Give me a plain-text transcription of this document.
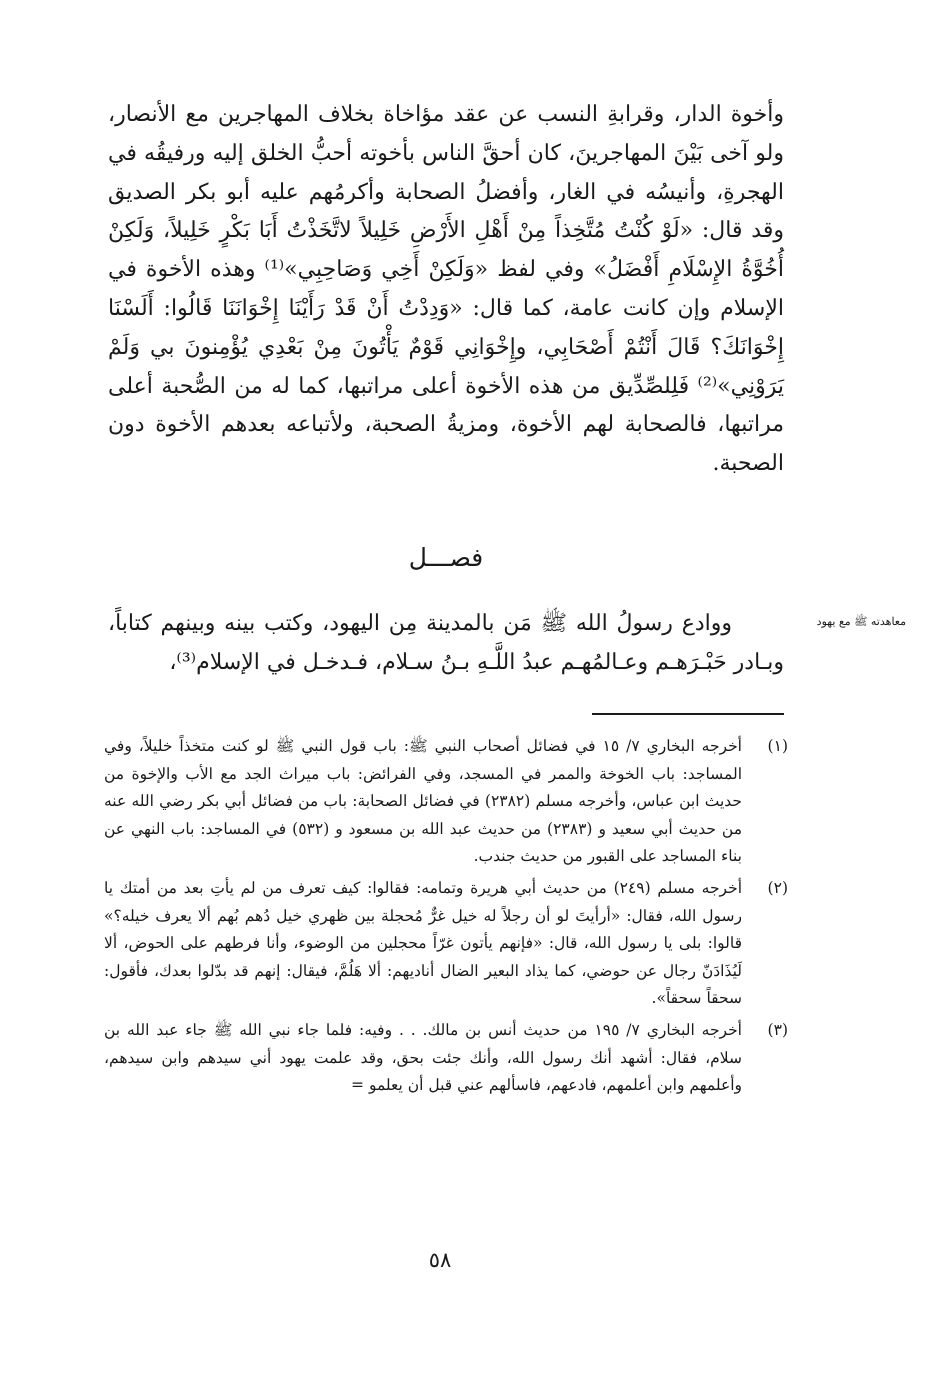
وأخوة الدار، وقرابةِ النسب عن عقد مؤاخاة بخلاف المهاجرين مع الأنصار، ولو آخى بَيْنَ المهاجرينَ، كان أحقَّ الناس بأخوته أحبُّ الخلق إليه ورفيقُه في الهجرةِ، وأنيسُه في الغار، وأفضلُ الصحابة وأكرمُهم عليه أبو بكر الصديق وقد قال: «لَوْ كُنْتُ مُتَّخِذاً مِنْ أَهْلِ الأَرْضِ خَلِيلاً لاتَّخَذْتُ أَبَا بَكْرٍ خَلِيلاً، وَلَكِنْ أُخُوَّةُ الإِسْلَامِ أَفْضَلُ» وفي لفظ «وَلَكِنْ أَخِي وَصَاحِبِي»⁽¹⁾ وهذه الأخوة في الإسلام وإن كانت عامة، كما قال: «وَدِدْتُ أَنْ قَدْ رَأَيْنَا إِخْوَانَنَا قَالُوا: أَلَسْنَا إِخْوَانَكَ؟ قَالَ أَنْتُمْ أَصْحَابِي، وإِخْوَانِي قَوْمٌ يَأْتُونَ مِنْ بَعْدِي يُؤْمِنونَ بي وَلَمْ يَرَوْنِي»⁽²⁾ فَلِلصِّدِّيق من هذه الأخوة أعلى مراتبها، كما له من الصُّحبة أعلى مراتبها، فالصحابة لهم الأخوة، ومزيةُ الصحبة، ولأتباعه بعدهم الأخوة دون الصحبة.

فصـــل
معاهدته ﷺ مع يهود

ووادع رسولُ الله ﷺ مَن بالمدينة مِن اليهود، وكتب بينه وبينهم كتاباً، وبـادر حَبْـرَهـم وعـالمُهـم عبدُ اللَّـهِ بـنُ سـلام، فـدخـل في الإسلام⁽³⁾،

(١)
أخرجه البخاري ٧/ ١٥ في فضائل أصحاب النبي ﷺ: باب قول النبي ﷺ لو كنت متخذاً خليلاً، وفي المساجد: باب الخوخة والممر في المسجد، وفي الفرائض: باب ميراث الجد مع الأب والإخوة من حديث ابن عباس، وأخرجه مسلم (٢٣٨٢) في فضائل الصحابة: باب من فضائل أبي بكر رضي الله عنه من حديث أبي سعيد و (٢٣٨٣) من حديث عبد الله بن مسعود و (٥٣٢) في المساجد: باب النهي عن بناء المساجد على القبور من حديث جندب.
(٢)
أخرجه مسلم (٢٤٩) من حديث أبي هريرة وتمامه: فقالوا: كيف تعرف من لم يأتِ بعد من أمتك يا رسول الله، فقال: «أرأيتَ لو أن رجلاً له خيل غرٌّ مُحجلة بين ظهري خيل دُهم بُهم ألا يعرف خيله؟» قالوا: بلى يا رسول الله، قال: «فإنهم يأتون غرّاً محجلين من الوضوء، وأنا فرطهم على الحوض، ألا لَيُذَادَنّ رجال عن حوضي، كما يذاد البعير الضال أناديهم: ألا هَلُمَّ، فيقال: إنهم قد بدّلوا بعدك، فأقول: سحقاً سحقاً».
(٣)
أخرجه البخاري ٧/ ١٩٥ من حديث أنس بن مالك. . . وفيه: فلما جاء نبي الله ﷺ جاء عبد الله بن سلام، فقال: أشهد أنك رسول الله، وأنك جئت بحق، وقد علمت يهود أني سيدهم وابن سيدهم، وأعلمهم وابن أعلمهم، فادعهم، فاسألهم عني قبل أن يعلمو =
٥٨
